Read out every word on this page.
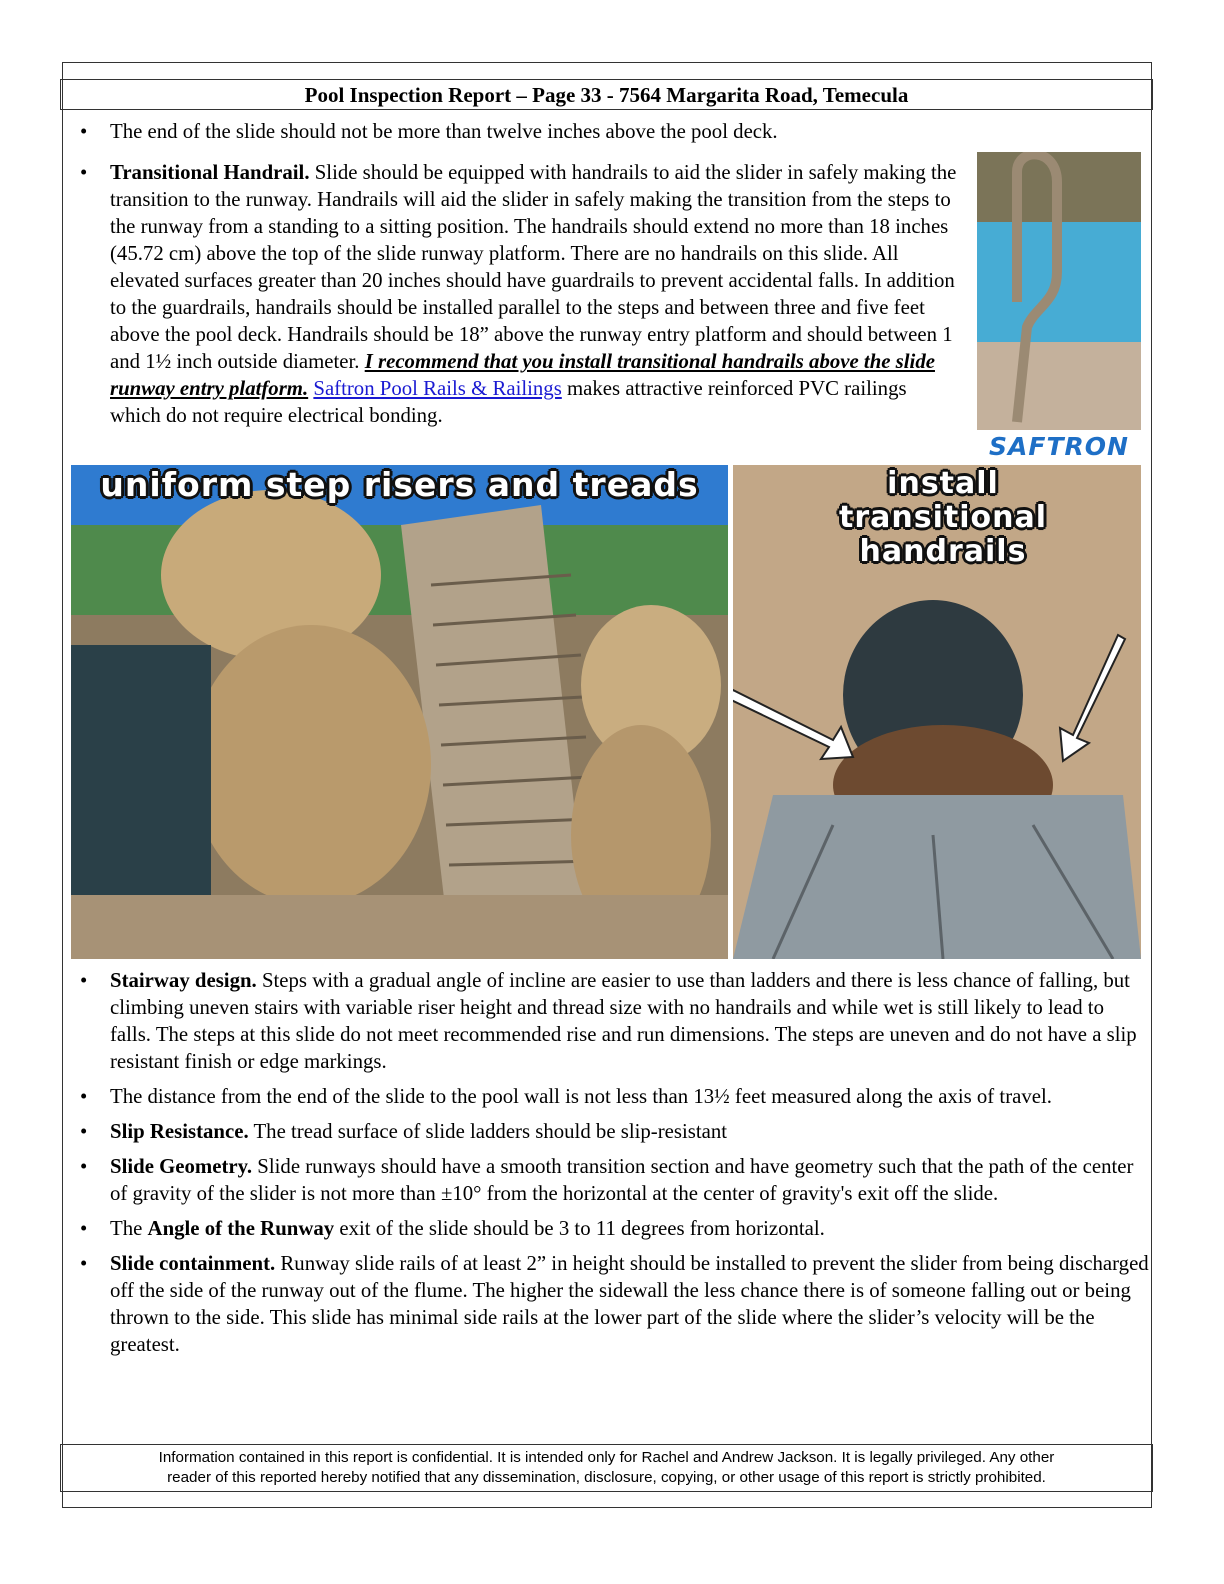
Pool Inspection Report – Page 33 - 7564 Margarita Road, Temecula
• The end of the slide should not be more than twelve inches above the pool deck.
• Transitional Handrail. Slide should be equipped with handrails to aid the slider in safely making the transition to the runway. Handrails will aid the slider in safely making the transition from the steps to the runway from a standing to a sitting position. The handrails should extend no more than 18 inches (45.72 cm) above the top of the slide runway platform. There are no handrails on this slide. All elevated surfaces greater than 20 inches should have guardrails to prevent accidental falls. In addition to the guardrails, handrails should be installed parallel to the steps and between three and five feet above the pool deck. Handrails should be 18” above the runway entry platform and should between 1 and 1½ inch outside diameter. I recommend that you install transitional handrails above the slide runway entry platform. Saftron Pool Rails & Railings makes attractive reinforced PVC railings which do not require electrical bonding.
SAFTRON
uniform step risers and treads	install
transitional
handrails
• Stairway design. Steps with a gradual angle of incline are easier to use than ladders and there is less chance of falling, but climbing uneven stairs with variable riser height and thread size with no handrails and while wet is still likely to lead to falls. The steps at this slide do not meet recommended rise and run dimensions. The steps are uneven and do not have a slip resistant finish or edge markings.
• The distance from the end of the slide to the pool wall is not less than 13½ feet measured along the axis of travel.
• Slip Resistance. The tread surface of slide ladders should be slip-resistant
• Slide Geometry. Slide runways should have a smooth transition section and have geometry such that the path of the center of gravity of the slider is not more than ±10° from the horizontal at the center of gravity's exit off the slide.
• The Angle of the Runway exit of the slide should be 3 to 11 degrees from horizontal.
• Slide containment. Runway slide rails of at least 2” in height should be installed to prevent the slider from being discharged off the side of the runway out of the flume. The higher the sidewall the less chance there is of someone falling out or being thrown to the side. This slide has minimal side rails at the lower part of the slide where the slider’s velocity will be the greatest.
Information contained in this report is confidential. It is intended only for Rachel and Andrew Jackson. It is legally privileged. Any other
reader of this reported hereby notified that any dissemination, disclosure, copying, or other usage of this report is strictly prohibited.
